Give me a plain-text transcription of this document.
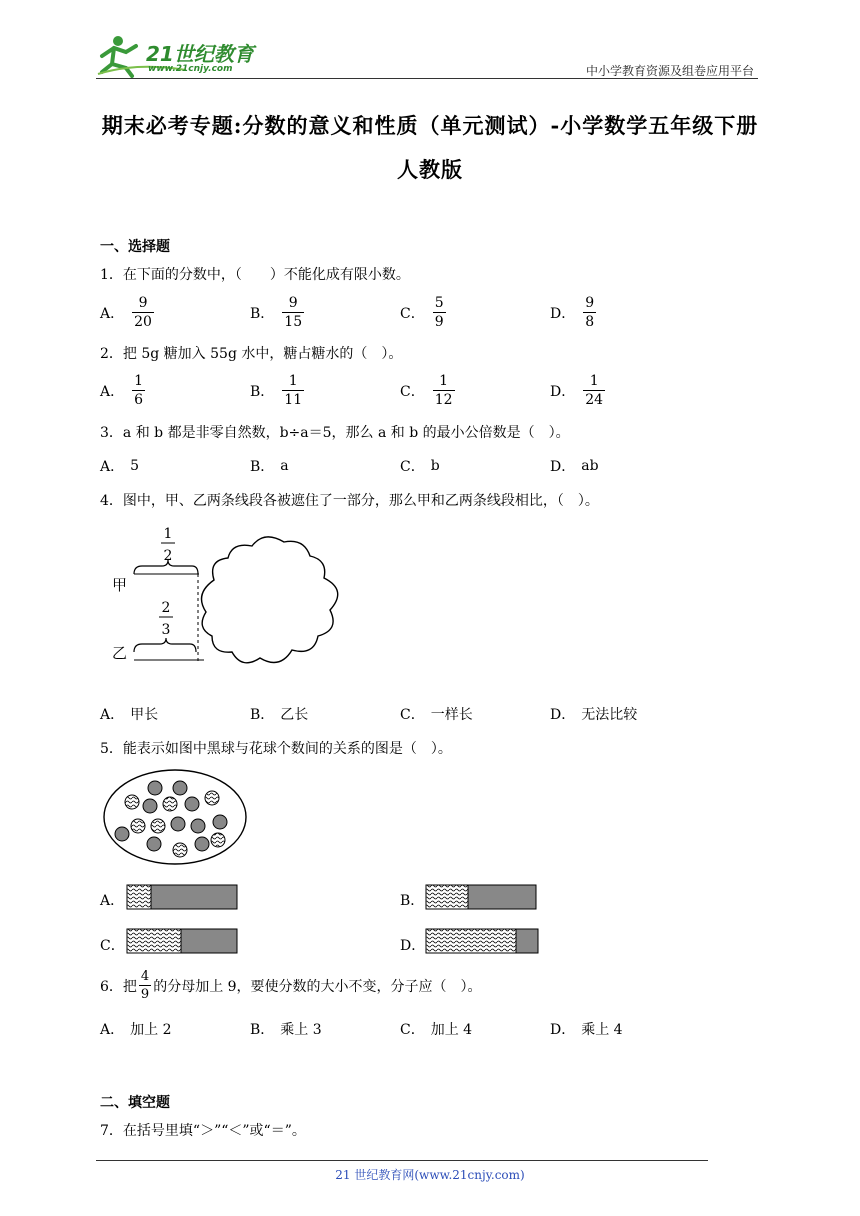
21世纪教育
www.21cnjy.com	中小学教育资源及组卷应用平台
期末必考专题:分数的意义和性质（单元测试）-小学数学五年级下册
人教版
一、选择题
1．在下面的分数中，（　　）不能化成有限小数。
A． $\frac{9}{20}$	B． $\frac{9}{15}$	C． $\frac{5}{9}$	D． $\frac{9}{8}$
2．把 5g 糖加入 55g 水中，糖占糖水的（　）。
A． $\frac{1}{6}$	B． $\frac{1}{11}$	C． $\frac{1}{12}$	D． $\frac{1}{24}$
3．a 和 b 都是非零自然数，b÷a＝5，那么 a 和 b 的最小公倍数是（　）。
A． 5	B． a	C． b	D． ab
4．图中，甲、乙两条线段各被遮住了一部分，那么甲和乙两条线段相比，（　）。
1
2
甲
2
3
乙
A． 甲长	B． 乙长	C． 一样长	D． 无法比较
5．能表示如图中黑球与花球个数间的关系的图是（　）。
A．	B．
C．	D．
6．把 $\frac{4}{9}$ 的分母加上 9，要使分数的大小不变，分子应（　）。
A． 加上 2	B． 乘上 3	C． 加上 4	D． 乘上 4
二、填空题
7．在括号里填“＞”“＜”或“＝”。
21 世纪教育网(www.21cnjy.com)
